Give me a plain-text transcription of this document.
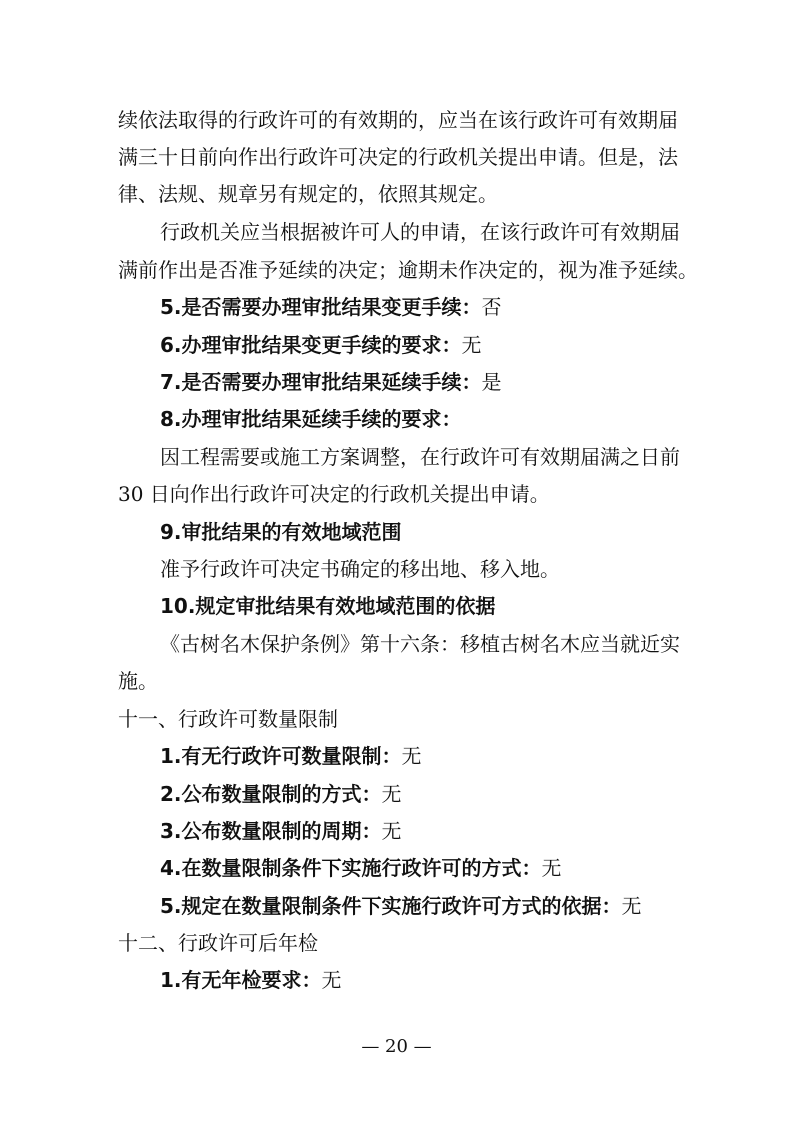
续依法取得的行政许可的有效期的，应当在该行政许可有效期届
满三十日前向作出行政许可决定的行政机关提出申请。但是，法
律、法规、规章另有规定的，依照其规定。
行政机关应当根据被许可人的申请，在该行政许可有效期届
满前作出是否准予延续的决定；逾期未作决定的，视为准予延续。
5.是否需要办理审批结果变更手续：否
6.办理审批结果变更手续的要求：无
7.是否需要办理审批结果延续手续：是
8.办理审批结果延续手续的要求：
因工程需要或施工方案调整，在行政许可有效期届满之日前
30 日向作出行政许可决定的行政机关提出申请。
9.审批结果的有效地域范围
准予行政许可决定书确定的移出地、移入地。
10.规定审批结果有效地域范围的依据
《古树名木保护条例》第十六条：移植古树名木应当就近实
施。
十一、行政许可数量限制
1.有无行政许可数量限制：无
2.公布数量限制的方式：无
3.公布数量限制的周期：无
4.在数量限制条件下实施行政许可的方式：无
5.规定在数量限制条件下实施行政许可方式的依据：无
十二、行政许可后年检
1.有无年检要求：无
— 20 —
